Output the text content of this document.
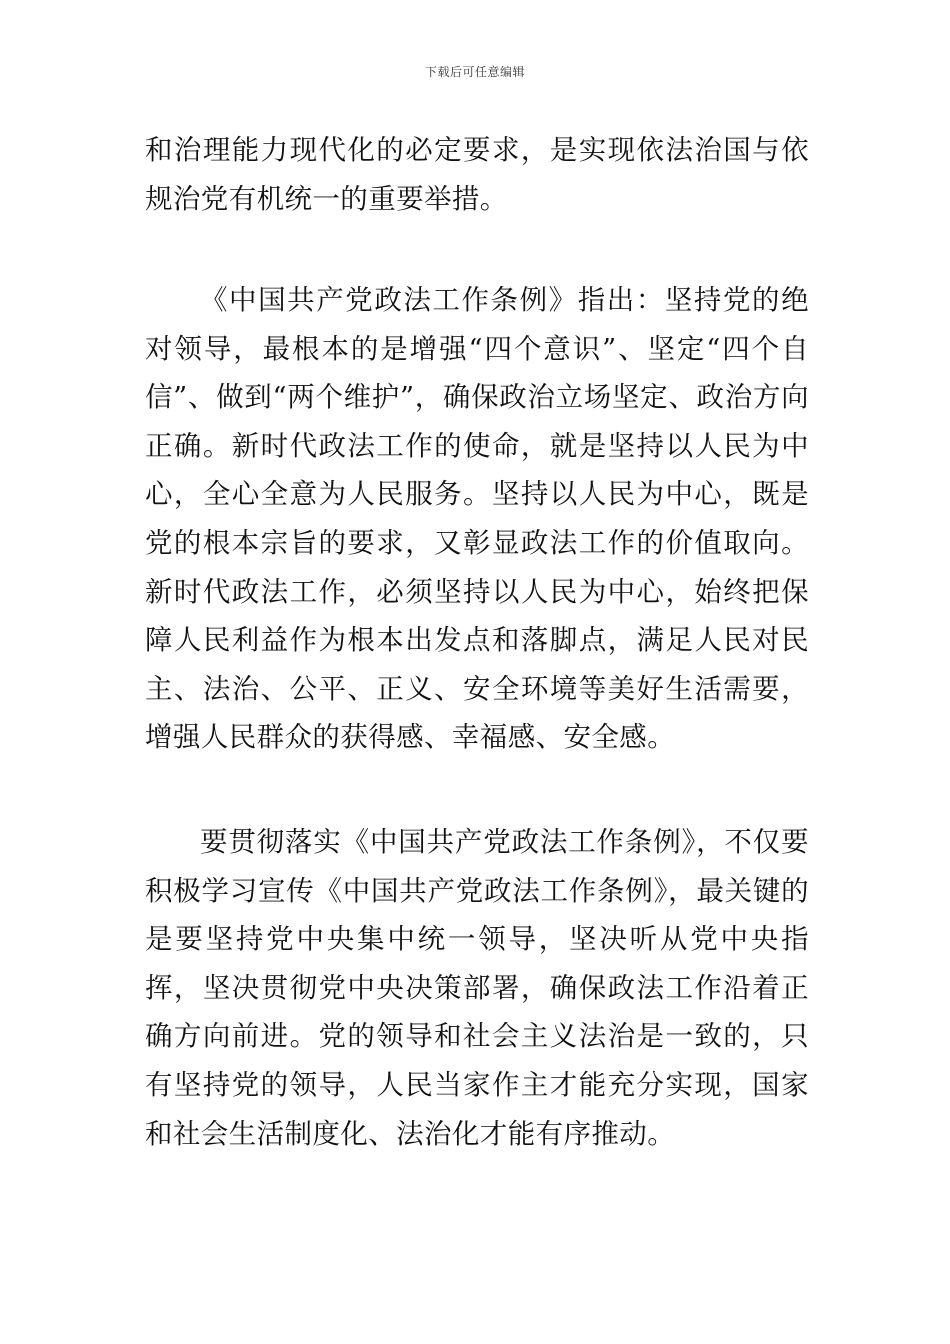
下载后可任意编辑

和治理能力现代化的必定要求，是实现依法治国与依规治党有机统一的重要举措。

《中国共产党政法工作条例》指出：坚持党的绝对领导，最根本的是增强“四个意识”、坚定“四个自信”、做到“两个维护”，确保政治立场坚定、政治方向正确。新时代政法工作的使命，就是坚持以人民为中心，全心全意为人民服务。坚持以人民为中心，既是党的根本宗旨的要求，又彰显政法工作的价值取向。新时代政法工作，必须坚持以人民为中心，始终把保障人民利益作为根本出发点和落脚点，满足人民对民主、法治、公平、正义、安全环境等美好生活需要，增强人民群众的获得感、幸福感、安全感。

要贯彻落实《中国共产党政法工作条例》，不仅要积极学习宣传《中国共产党政法工作条例》，最关键的是要坚持党中央集中统一领导，坚决听从党中央指挥，坚决贯彻党中央决策部署，确保政法工作沿着正确方向前进。党的领导和社会主义法治是一致的，只有坚持党的领导，人民当家作主才能充分实现，国家和社会生活制度化、法治化才能有序推动。
